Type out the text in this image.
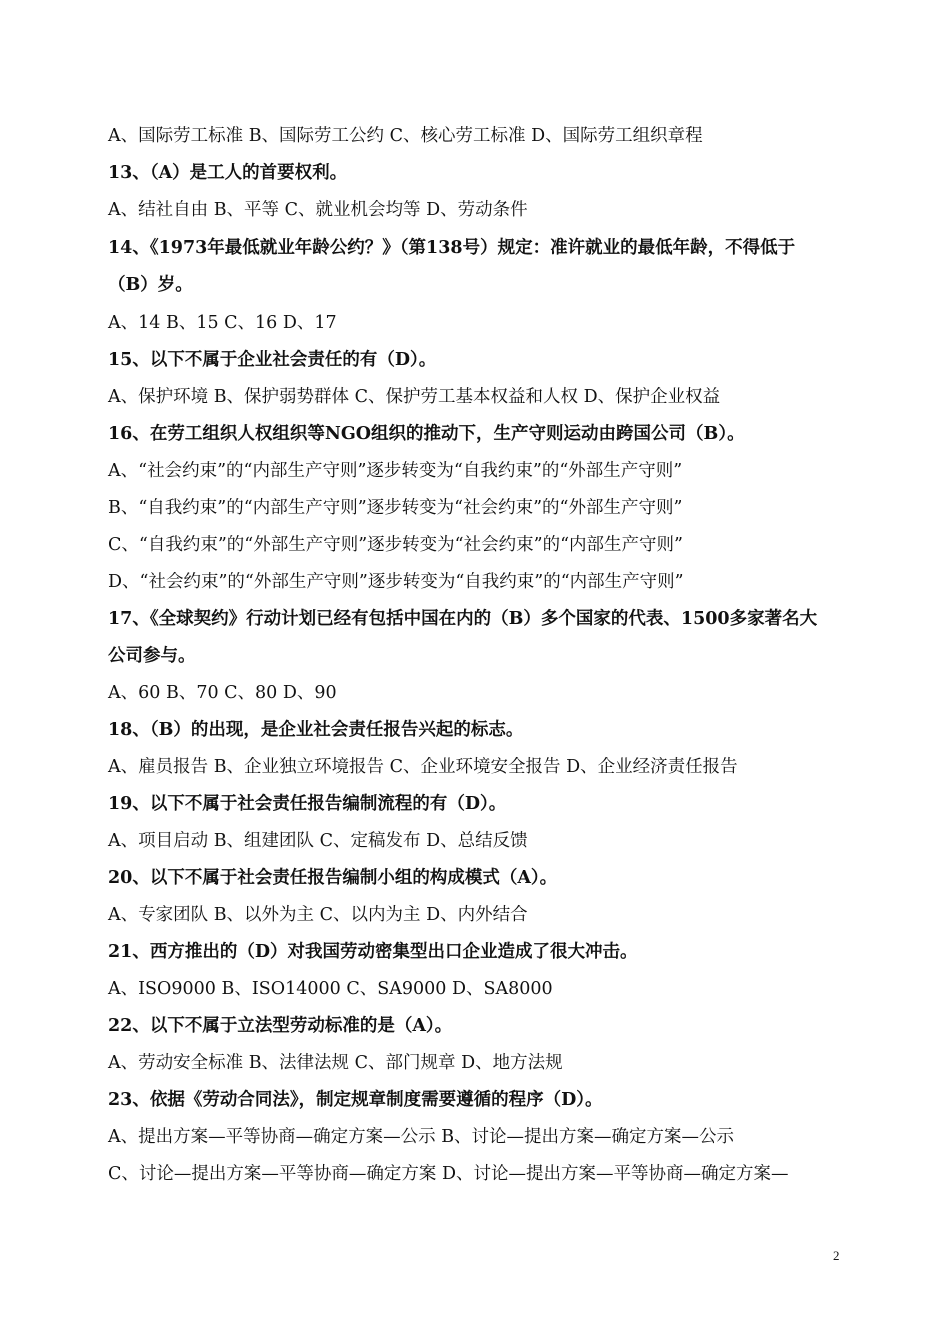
A、国际劳工标准 B、国际劳工公约 C、核心劳工标准 D、国际劳工组织章程
13、（A）是工人的首要权利。
A、结社自由 B、平等 C、就业机会均等 D、劳动条件
14、《1973年最低就业年龄公约？》（第138号）规定：准许就业的最低年龄，不得低于
（B）岁。
A、14 B、15 C、16 D、17
15、以下不属于企业社会责任的有（D）。
A、保护环境 B、保护弱势群体 C、保护劳工基本权益和人权 D、保护企业权益
16、在劳工组织人权组织等NGO组织的推动下，生产守则运动由跨国公司（B）。
A、“社会约束”的“内部生产守则”逐步转变为“自我约束”的“外部生产守则”
B、“自我约束”的“内部生产守则”逐步转变为“社会约束”的“外部生产守则”
C、“自我约束”的“外部生产守则”逐步转变为“社会约束”的“内部生产守则”
D、“社会约束”的“外部生产守则”逐步转变为“自我约束”的“内部生产守则”
17、《全球契约》行动计划已经有包括中国在内的（B）多个国家的代表、1500多家著名大
公司参与。
A、60 B、70 C、80 D、90
18、（B）的出现，是企业社会责任报告兴起的标志。
A、雇员报告 B、企业独立环境报告 C、企业环境安全报告 D、企业经济责任报告
19、以下不属于社会责任报告编制流程的有（D）。
A、项目启动 B、组建团队 C、定稿发布 D、总结反馈
20、以下不属于社会责任报告编制小组的构成模式（A）。
A、专家团队 B、以外为主 C、以内为主 D、内外结合
21、西方推出的（D）对我国劳动密集型出口企业造成了很大冲击。
A、ISO9000 B、ISO14000 C、SA9000 D、SA8000
22、以下不属于立法型劳动标准的是（A）。
A、劳动安全标准 B、法律法规 C、部门规章 D、地方法规
23、依据《劳动合同法》，制定规章制度需要遵循的程序（D）。
A、提出方案—平等协商—确定方案—公示 B、讨论—提出方案—确定方案—公示
C、讨论—提出方案—平等协商—确定方案 D、讨论—提出方案—平等协商—确定方案—
2
